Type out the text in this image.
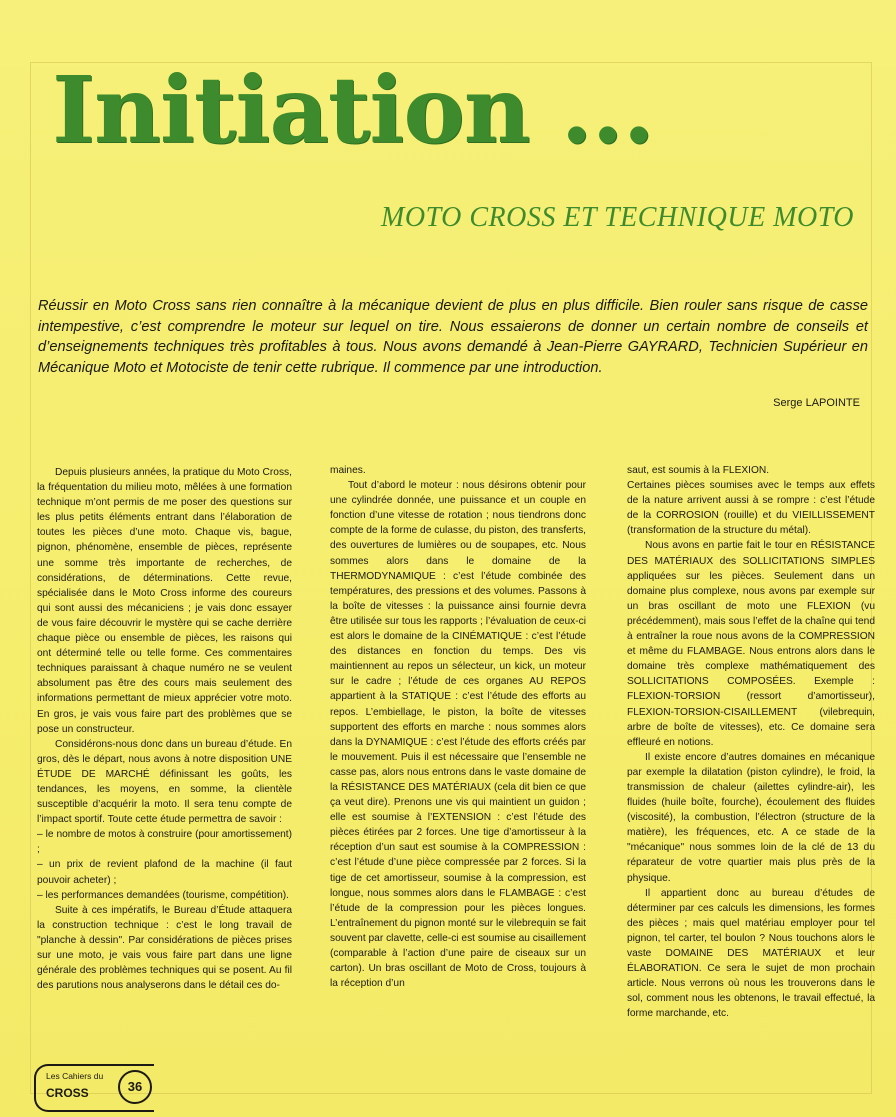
Initiation ...
MOTO CROSS ET TECHNIQUE MOTO
Réussir en Moto Cross sans rien connaître à la mécanique devient de plus en plus difficile. Bien rouler sans risque de casse intempestive, c’est comprendre le moteur sur lequel on tire. Nous essaierons de donner un certain nombre de conseils et d’enseignements techniques très profitables à tous. Nous avons demandé à Jean-Pierre GAYRARD, Technicien Supérieur en Mécanique Moto et Motociste de tenir cette rubrique. Il commence par une introduction.
Serge LAPOINTE

Depuis plusieurs années, la pratique du Moto Cross, la fréquentation du milieu moto, mêlées à une formation technique m’ont permis de me poser des questions sur les plus petits éléments entrant dans l’élaboration de toutes les pièces d’une moto. Chaque vis, bague, pignon, phénomène, ensemble de pièces, représente une somme très importante de recherches, de considérations, de déterminations. Cette revue, spécialisée dans le Moto Cross informe des coureurs qui sont aussi des mécaniciens ; je vais donc essayer de vous faire découvrir le mystère qui se cache derrière chaque pièce ou ensemble de pièces, les raisons qui ont déterminé telle ou telle forme. Ces commentaires techniques paraissant à chaque numéro ne se veulent absolument pas être des cours mais seulement des informations permettant de mieux apprécier votre moto. En gros, je vais vous faire part des problèmes que se pose un constructeur.

Considérons-nous donc dans un bureau d’étude. En gros, dès le départ, nous avons à notre disposition UNE ÉTUDE DE MARCHÉ définissant les goûts, les tendances, les moyens, en somme, la clientèle susceptible d’acquérir la moto. Il sera tenu compte de l’impact sportif. Toute cette étude permettra de savoir :

– le nombre de motos à construire (pour amortissement) ;

– un prix de revient plafond de la machine (il faut pouvoir acheter) ;

– les performances demandées (tourisme, compétition).

Suite à ces impératifs, le Bureau d’Étude attaquera la construction technique : c’est le long travail de "planche à dessin". Par considérations de pièces prises sur une moto, je vais vous faire part dans une ligne générale des problèmes techniques qui se posent. Au fil des parutions nous analyserons dans le détail ces do-

maines.

Tout d’abord le moteur : nous désirons obtenir pour une cylindrée donnée, une puissance et un couple en fonction d’une vitesse de rotation ; nous tiendrons donc compte de la forme de culasse, du piston, des transferts, des ouvertures de lumières ou de soupapes, etc. Nous sommes alors dans le domaine de la THERMODYNAMIQUE : c’est l’étude combinée des températures, des pressions et des volumes. Passons à la boîte de vitesses : la puissance ainsi fournie devra être utilisée sur tous les rapports ; l’évaluation de ceux-ci est alors le domaine de la CINÉMATIQUE : c’est l’étude des distances en fonction du temps. Des vis maintiennent au repos un sélecteur, un kick, un moteur sur le cadre ; l’étude de ces organes AU REPOS appartient à la STATIQUE : c’est l’étude des efforts au repos. L’embiellage, le piston, la boîte de vitesses supportent des efforts en marche : nous sommes alors dans la DYNAMIQUE : c’est l’étude des efforts créés par le mouvement. Puis il est nécessaire que l’ensemble ne casse pas, alors nous entrons dans le vaste domaine de la RÉSISTANCE DES MATÉRIAUX (cela dit bien ce que ça veut dire). Prenons une vis qui maintient un guidon ; elle est soumise à l’EXTENSION : c’est l’étude des pièces étirées par 2 forces. Une tige d’amortisseur à la réception d’un saut est soumise à la COMPRESSION : c’est l’étude d’une pièce compressée par 2 forces. Si la tige de cet amortisseur, soumise à la compression, est longue, nous sommes alors dans le FLAMBAGE : c’est l’étude de la compression pour les pièces longues. L’entraînement du pignon monté sur le vilebrequin se fait souvent par clavette, celle-ci est soumise au cisaillement (comparable à l’action d’une paire de ciseaux sur un carton). Un bras oscillant de Moto de Cross, toujours à la réception d’un

saut, est soumis à la FLEXION.

Certaines pièces soumises avec le temps aux effets de la nature arrivent aussi à se rompre : c’est l’étude de la CORROSION (rouille) et du VIEILLISSEMENT (transformation de la structure du métal).

Nous avons en partie fait le tour en RÉSISTANCE DES MATÉRIAUX des SOLLICITATIONS SIMPLES appliquées sur les pièces. Seulement dans un domaine plus complexe, nous avons par exemple sur un bras oscillant de moto une FLEXION (vu précédemment), mais sous l’effet de la chaîne qui tend à entraîner la roue nous avons de la COMPRESSION et même du FLAMBAGE. Nous entrons alors dans le domaine très complexe mathématiquement des SOLLICITATIONS COMPOSÉES. Exemple : FLEXION-TORSION (ressort d’amortisseur), FLEXION-TORSION-CISAILLEMENT (vilebrequin, arbre de boîte de vitesses), etc. Ce domaine sera effleuré en notions.

Il existe encore d’autres domaines en mécanique par exemple la dilatation (piston cylindre), le froid, la transmission de chaleur (ailettes cylindre-air), les fluides (huile boîte, fourche), écoulement des fluides (viscosité), la combustion, l’électron (structure de la matière), les fréquences, etc. A ce stade de la "mécanique" nous sommes loin de la clé de 13 du réparateur de votre quartier mais plus près de la physique.

Il appartient donc au bureau d’études de déterminer par ces calculs les dimensions, les formes des pièces ; mais quel matériau employer pour tel pignon, tel carter, tel boulon ? Nous touchons alors le vaste DOMAINE DES MATÉRIAUX et leur ÉLABORATION. Ce sera le sujet de mon prochain article. Nous verrons où nous les trouverons dans le sol, comment nous les obtenons, le travail effectué, la forme marchande, etc.

Les Cahiers du
CROSS	36
